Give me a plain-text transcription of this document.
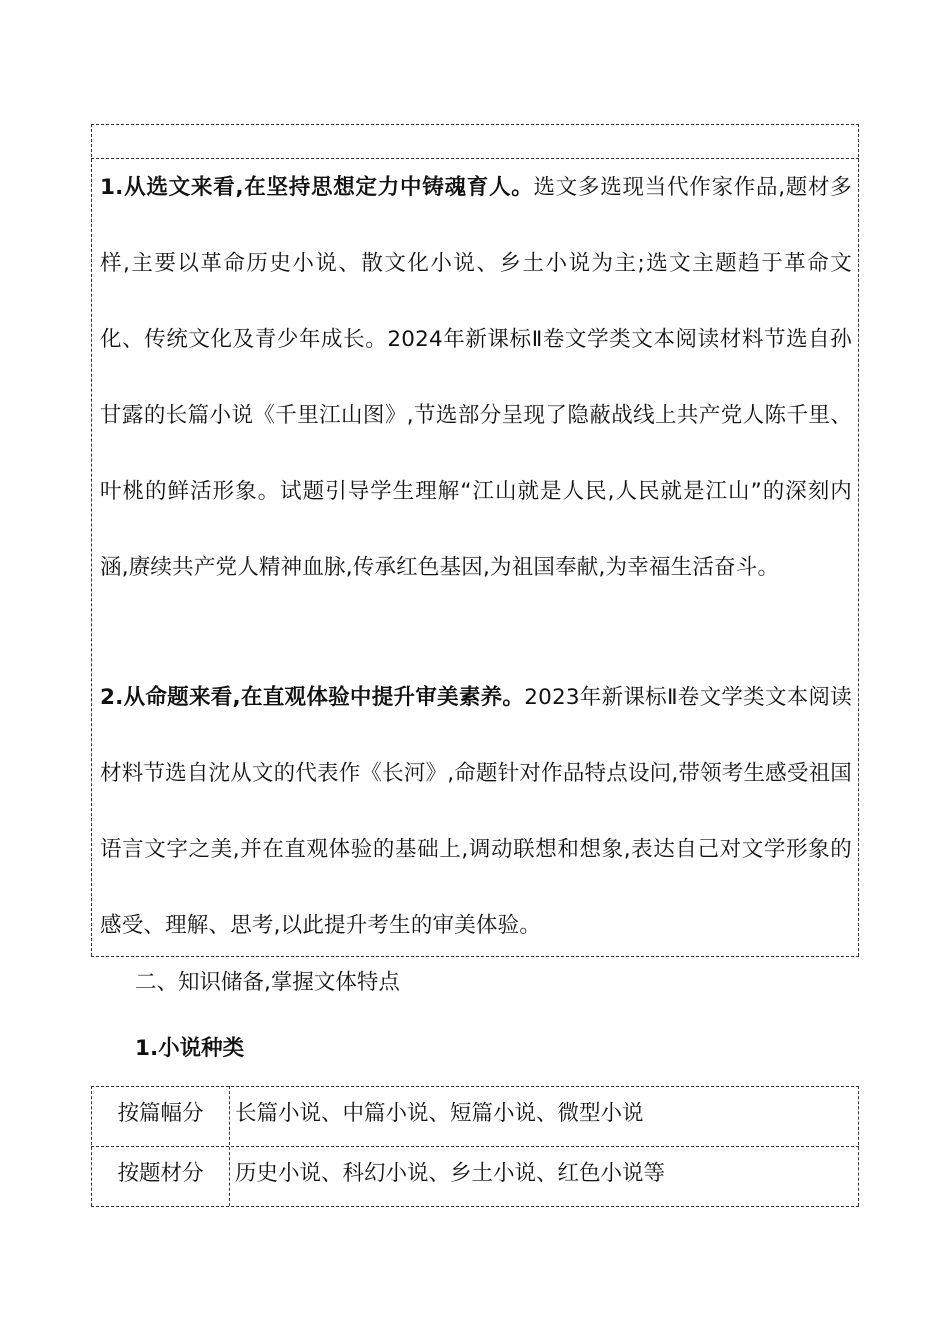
1.从选文来看,在坚持思想定力中铸魂育人。选文多选现当代作家作品,题材多样,主要以革命历史小说、散文化小说、乡土小说为主;选文主题趋于革命文化、传统文化及青少年成长。2024年新课标Ⅱ卷文学类文本阅读材料节选自孙甘露的长篇小说《千里江山图》,节选部分呈现了隐蔽战线上共产党人陈千里、叶桃的鲜活形象。试题引导学生理解“江山就是人民,人民就是江山”的深刻内涵,赓续共产党人精神血脉,传承红色基因,为祖国奉献,为幸福生活奋斗。

2.从命题来看,在直观体验中提升审美素养。2023年新课标Ⅱ卷文学类文本阅读材料节选自沈从文的代表作《长河》,命题针对作品特点设问,带领考生感受祖国语言文字之美,并在直观体验的基础上,调动联想和想象,表达自己对文学形象的感受、理解、思考,以此提升考生的审美体验。

二、知识储备,掌握文体特点

1.小说种类

按篇幅分	长篇小说、中篇小说、短篇小说、微型小说
按题材分	历史小说、科幻小说、乡土小说、红色小说等
